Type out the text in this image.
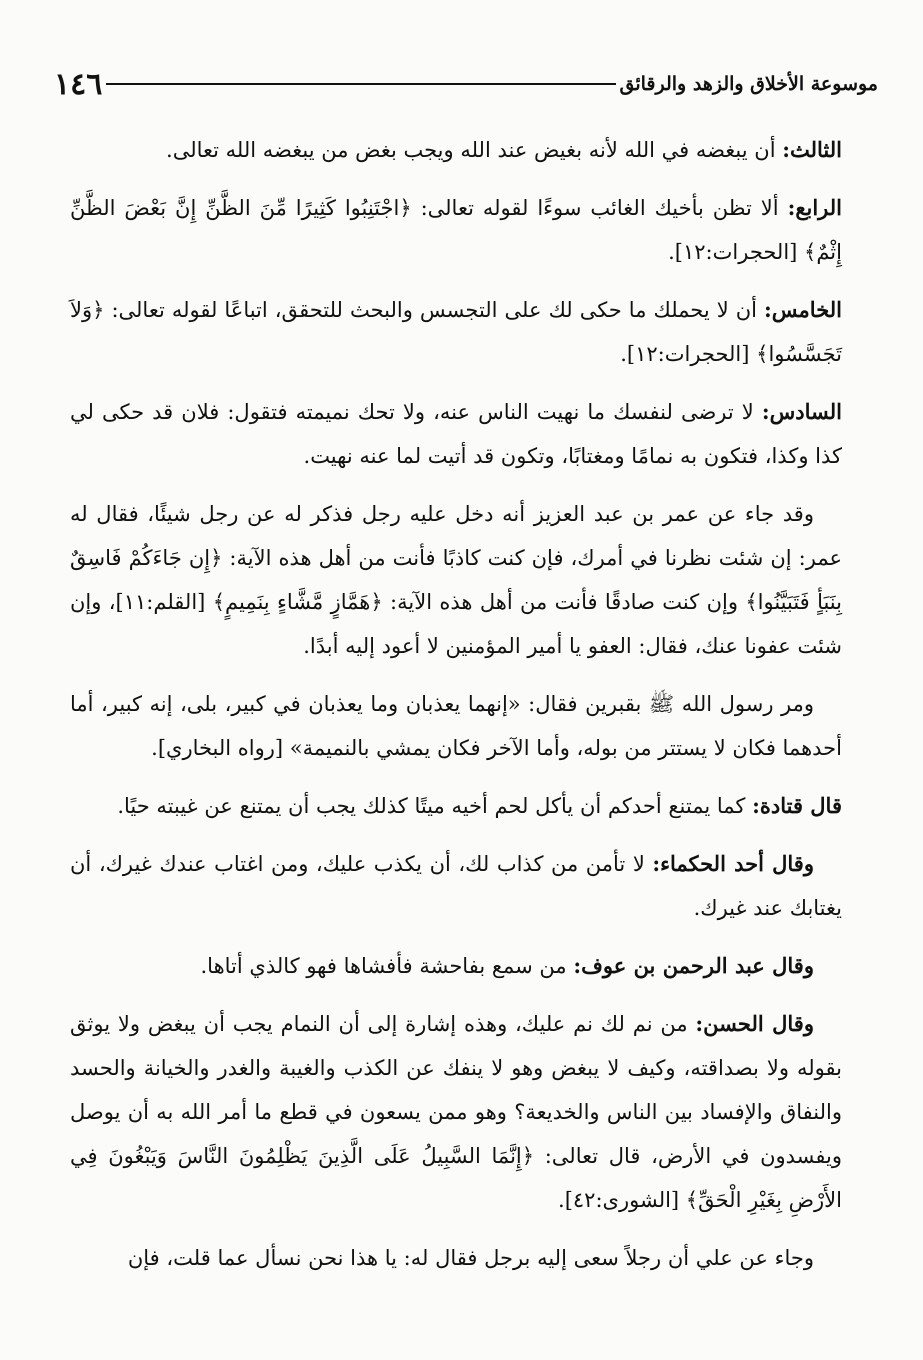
١٤٦	موسوعة الأخلاق والزهد والرقائق

الثالث: أن يبغضه في الله لأنه بغيض عند الله ويجب بغض من يبغضه الله تعالى.

الرابع: ألا تظن بأخيك الغائب سوءًا لقوله تعالى: ﴿اجْتَنِبُوا كَثِيرًا مِّنَ الظَّنِّ إِنَّ بَعْضَ الظَّنِّ إِثْمٌ﴾ [الحجرات:١٢].

الخامس: أن لا يحملك ما حكى لك على التجسس والبحث للتحقق، اتباعًا لقوله تعالى: ﴿وَلاَ تَجَسَّسُوا﴾ [الحجرات:١٢].

السادس: لا ترضى لنفسك ما نهيت الناس عنه، ولا تحك نميمته فتقول: فلان قد حكى لي كذا وكذا، فتكون به نمامًا ومغتابًا، وتكون قد أتيت لما عنه نهيت.

وقد جاء عن عمر بن عبد العزيز أنه دخل عليه رجل فذكر له عن رجل شيئًا، فقال له عمر: إن شئت نظرنا في أمرك، فإن كنت كاذبًا فأنت من أهل هذه الآية: ﴿إِن جَاءَكُمْ فَاسِقٌ بِنَبَأٍ فَتَبَيَّنُوا﴾ وإن كنت صادقًا فأنت من أهل هذه الآية: ﴿هَمَّازٍ مَّشَّاءٍ بِنَمِيمٍ﴾ [القلم:١١]، وإن شئت عفونا عنك، فقال: العفو يا أمير المؤمنين لا أعود إليه أبدًا.

ومر رسول الله ﷺ بقبرين فقال: «إنهما يعذبان وما يعذبان في كبير، بلى، إنه كبير، أما أحدهما فكان لا يستتر من بوله، وأما الآخر فكان يمشي بالنميمة» [رواه البخاري].

قال قتادة: كما يمتنع أحدكم أن يأكل لحم أخيه ميتًا كذلك يجب أن يمتنع عن غيبته حيًا.

وقال أحد الحكماء: لا تأمن من كذاب لك، أن يكذب عليك، ومن اغتاب عندك غيرك، أن يغتابك عند غيرك.

وقال عبد الرحمن بن عوف: من سمع بفاحشة فأفشاها فهو كالذي أتاها.

وقال الحسن: من نم لك نم عليك، وهذه إشارة إلى أن النمام يجب أن يبغض ولا يوثق بقوله ولا بصداقته، وكيف لا يبغض وهو لا ينفك عن الكذب والغيبة والغدر والخيانة والحسد والنفاق والإفساد بين الناس والخديعة؟ وهو ممن يسعون في قطع ما أمر الله به أن يوصل ويفسدون في الأرض، قال تعالى: ﴿إِنَّمَا السَّبِيلُ عَلَى الَّذِينَ يَظْلِمُونَ النَّاسَ وَيَبْغُونَ فِي الأَرْضِ بِغَيْرِ الْحَقِّ﴾ [الشورى:٤٢].

وجاء عن علي أن رجلاً سعى إليه برجل فقال له: يا هذا نحن نسأل عما قلت، فإن
